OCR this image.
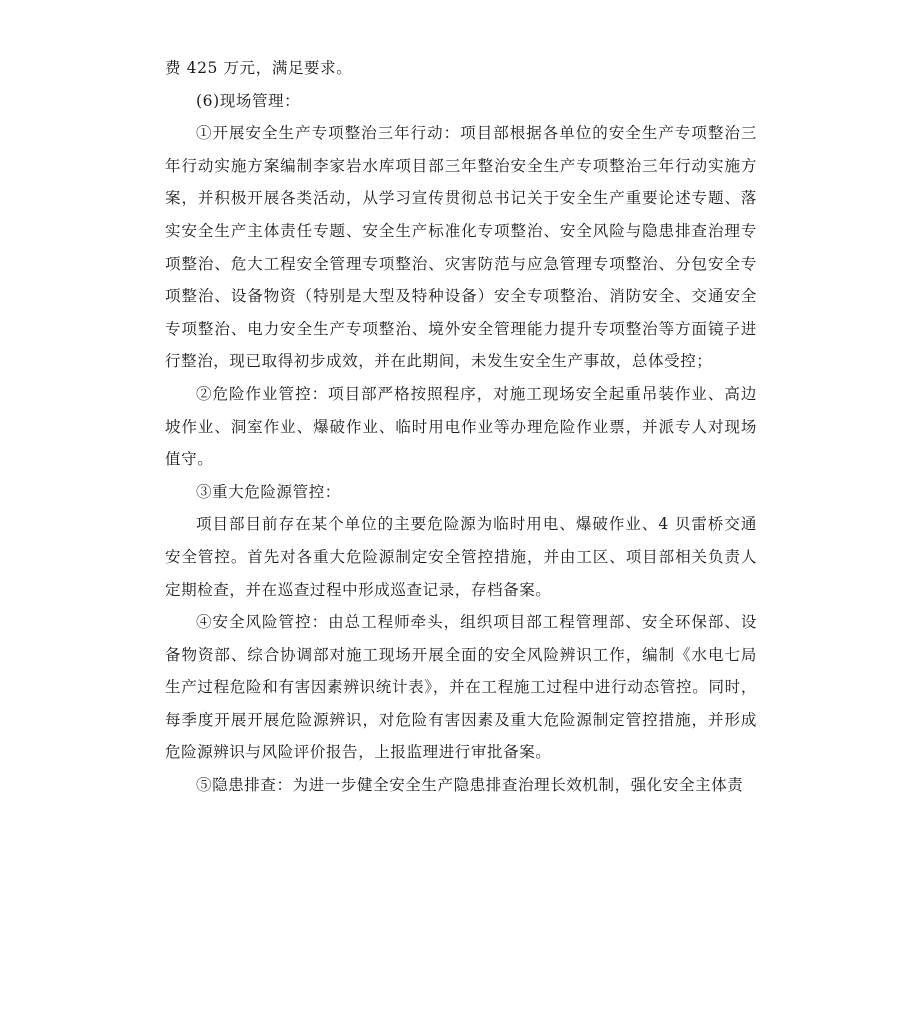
费 425 万元，满足要求。

(6)现场管理：

①开展安全生产专项整治三年行动：项目部根据各单位的安全生产专项整治三年行动实施方案编制李家岩水库项目部三年整治安全生产专项整治三年行动实施方案，并积极开展各类活动，从学习宣传贯彻总书记关于安全生产重要论述专题、落实安全生产主体责任专题、安全生产标准化专项整治、安全风险与隐患排查治理专项整治、危大工程安全管理专项整治、灾害防范与应急管理专项整治、分包安全专项整治、设备物资（特别是大型及特种设备）安全专项整治、消防安全、交通安全专项整治、电力安全生产专项整治、境外安全管理能力提升专项整治等方面镜子进行整治，现已取得初步成效，并在此期间，未发生安全生产事故，总体受控；

②危险作业管控：项目部严格按照程序，对施工现场安全起重吊装作业、高边坡作业、洞室作业、爆破作业、临时用电作业等办理危险作业票，并派专人对现场值守。

③重大危险源管控：

项目部目前存在某个单位的主要危险源为临时用电、爆破作业、4 贝雷桥交通安全管控。首先对各重大危险源制定安全管控措施，并由工区、项目部相关负责人定期检查，并在巡查过程中形成巡查记录，存档备案。

④安全风险管控：由总工程师牵头，组织项目部工程管理部、安全环保部、设备物资部、综合协调部对施工现场开展全面的安全风险辨识工作，编制《水电七局生产过程危险和有害因素辨识统计表》，并在工程施工过程中进行动态管控。同时，每季度开展开展危险源辨识，对危险有害因素及重大危险源制定管控措施，并形成危险源辨识与风险评价报告，上报监理进行审批备案。

⑤隐患排查：为进一步健全安全生产隐患排查治理长效机制，强化安全主体责
